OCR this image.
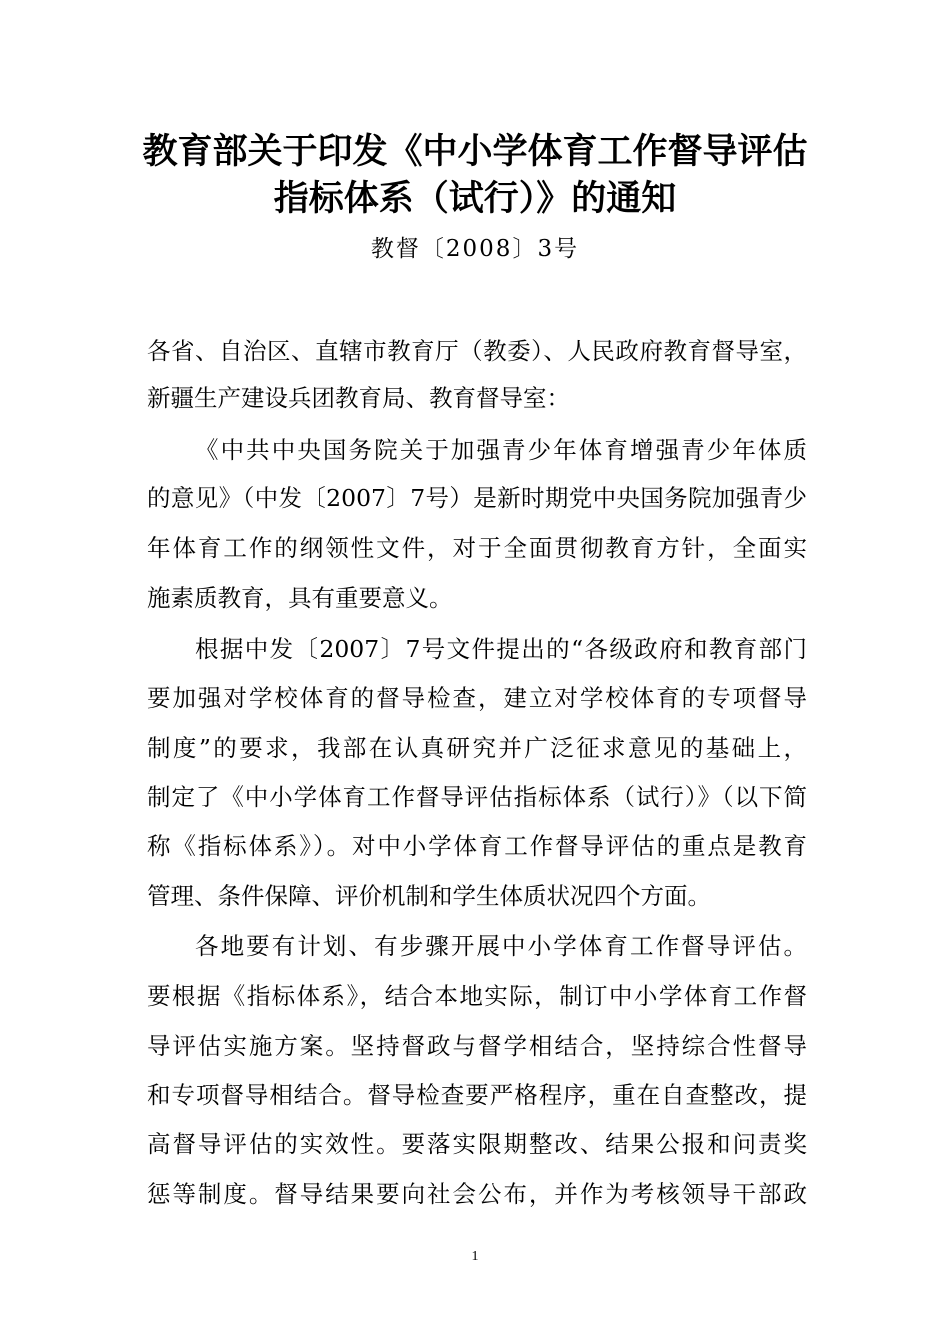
教育部关于印发《中小学体育工作督导评估
指标体系（试行）》的通知
教督〔2008〕3号
各省、自治区、直辖市教育厅（教委）、人民政府教育督导室，
新疆生产建设兵团教育局、教育督导室：
《中共中央国务院关于加强青少年体育增强青少年体质
的意见》（中发〔2007〕7号）是新时期党中央国务院加强青少
年体育工作的纲领性文件，对于全面贯彻教育方针，全面实
施素质教育，具有重要意义。
根据中发〔2007〕7号文件提出的“各级政府和教育部门
要加强对学校体育的督导检查，建立对学校体育的专项督导
制度”的要求，我部在认真研究并广泛征求意见的基础上，
制定了《中小学体育工作督导评估指标体系（试行）》（以下简
称《指标体系》）。对中小学体育工作督导评估的重点是教育
管理、条件保障、评价机制和学生体质状况四个方面。
各地要有计划、有步骤开展中小学体育工作督导评估。
要根据《指标体系》，结合本地实际，制订中小学体育工作督
导评估实施方案。坚持督政与督学相结合，坚持综合性督导
和专项督导相结合。督导检查要严格程序，重在自查整改，提
高督导评估的实效性。要落实限期整改、结果公报和问责奖
惩等制度。督导结果要向社会公布，并作为考核领导干部政
1
